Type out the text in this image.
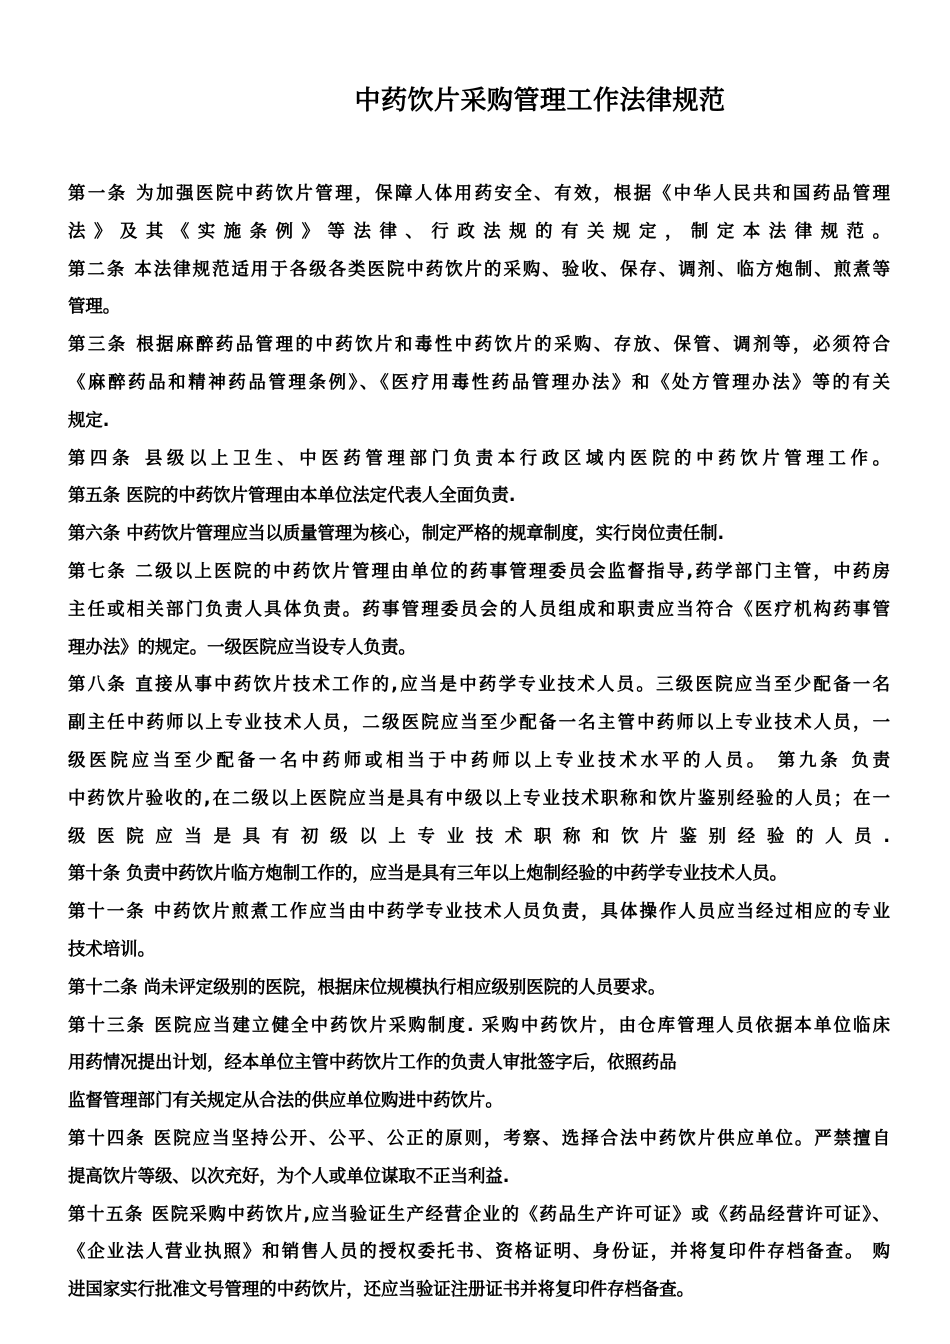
中药饮片采购管理工作法律规范
第一条 为加强医院中药饮片管理，保障人体用药安全、有效，根据《中华人民共和国药品管理
法》及其《实施条例》等法律、行政法规的有关规定，制定本法律规范。
第二条 本法律规范适用于各级各类医院中药饮片的采购、验收、保存、调剂、临方炮制、煎煮等
管理。
第三条 根据麻醉药品管理的中药饮片和毒性中药饮片的采购、存放、保管、调剂等，必须符合
《麻醉药品和精神药品管理条例》、《医疗用毒性药品管理办法》和《处方管理办法》等的有关
规定.
第四条 县级以上卫生、中医药管理部门负责本行政区域内医院的中药饮片管理工作。
第五条 医院的中药饮片管理由本单位法定代表人全面负责.
第六条 中药饮片管理应当以质量管理为核心，制定严格的规章制度，实行岗位责任制.
第七条 二级以上医院的中药饮片管理由单位的药事管理委员会监督指导,药学部门主管，中药房
主任或相关部门负责人具体负责。药事管理委员会的人员组成和职责应当符合《医疗机构药事管
理办法》的规定。一级医院应当设专人负责。
第八条 直接从事中药饮片技术工作的,应当是中药学专业技术人员。三级医院应当至少配备一名
副主任中药师以上专业技术人员，二级医院应当至少配备一名主管中药师以上专业技术人员，一
级医院应当至少配备一名中药师或相当于中药师以上专业技术水平的人员。 第九条 负责
中药饮片验收的,在二级以上医院应当是具有中级以上专业技术职称和饮片鉴别经验的人员；在一
级医院应当是具有初级以上专业技术职称和饮片鉴别经验的人员.
第十条 负责中药饮片临方炮制工作的，应当是具有三年以上炮制经验的中药学专业技术人员。
第十一条 中药饮片煎煮工作应当由中药学专业技术人员负责，具体操作人员应当经过相应的专业
技术培训。
第十二条 尚未评定级别的医院，根据床位规模执行相应级别医院的人员要求。
第十三条 医院应当建立健全中药饮片采购制度. 采购中药饮片，由仓库管理人员依据本单位临床
用药情况提出计划，经本单位主管中药饮片工作的负责人审批签字后，依照药品
监督管理部门有关规定从合法的供应单位购进中药饮片。
第十四条 医院应当坚持公开、公平、公正的原则，考察、选择合法中药饮片供应单位。严禁擅自
提高饮片等级、以次充好，为个人或单位谋取不正当利益.
第十五条 医院采购中药饮片,应当验证生产经营企业的《药品生产许可证》或《药品经营许可证》、
《企业法人营业执照》和销售人员的授权委托书、资格证明、身份证，并将复印件存档备查。 购
进国家实行批准文号管理的中药饮片，还应当验证注册证书并将复印件存档备查。
